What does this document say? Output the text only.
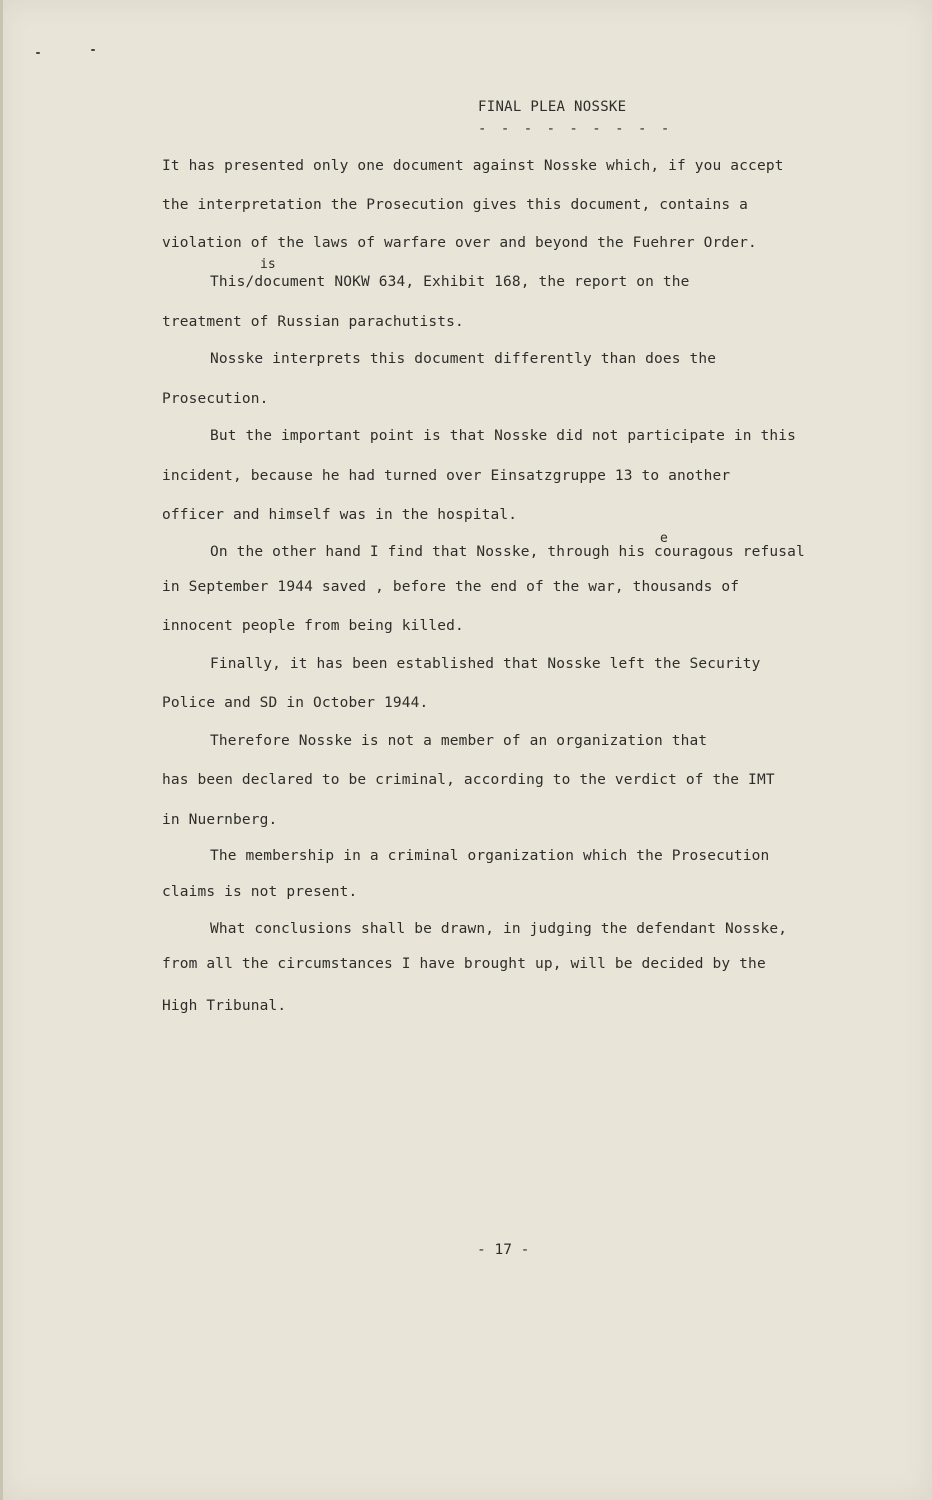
FINAL PLEA NOSSKE
- - - - - - - - -
It has presented only one document against Nosske which, if you accept
the interpretation the Prosecution gives this document, contains a
violation of the laws of warfare over and beyond the Fuehrer Order.
is
This/document NOKW 634, Exhibit 168, the report on the
treatment of Russian parachutists.
Nosske interprets this document differently than does the
Prosecution.
But the important point is that Nosske did not participate in this
incident, because he had turned over Einsatzgruppe 13 to another
officer and himself was in the hospital.
e
On the other hand I find that Nosske, through his couragous refusal
in September 1944 saved , before the end of the war, thousands of
innocent people from being killed.
Finally, it has been established that Nosske left the Security
Police and SD in October 1944.
Therefore Nosske is not a member of an organization that
has been declared to be criminal, according to the verdict of the IMT
in Nuernberg.
The membership in a criminal organization which the Prosecution
claims is not present.
What conclusions shall be drawn, in judging the defendant Nosske,
from all the circumstances I have brought up, will be decided by the
High Tribunal.
- 17 -
